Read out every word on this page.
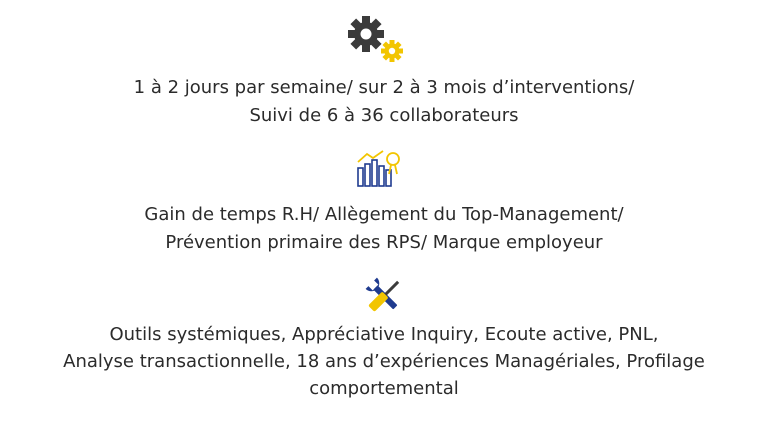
1 à 2 jours par semaine/ sur 2 à 3 mois d’interventions/
Suivi de 6 à 36 collaborateurs
Gain de temps R.H/ Allègement du Top-Management/
Prévention primaire des RPS/ Marque employeur
Outils systémiques, Appréciative Inquiry, Ecoute active, PNL,
Analyse transactionnelle, 18 ans d’expériences Managériales, Profilage
comportemental
